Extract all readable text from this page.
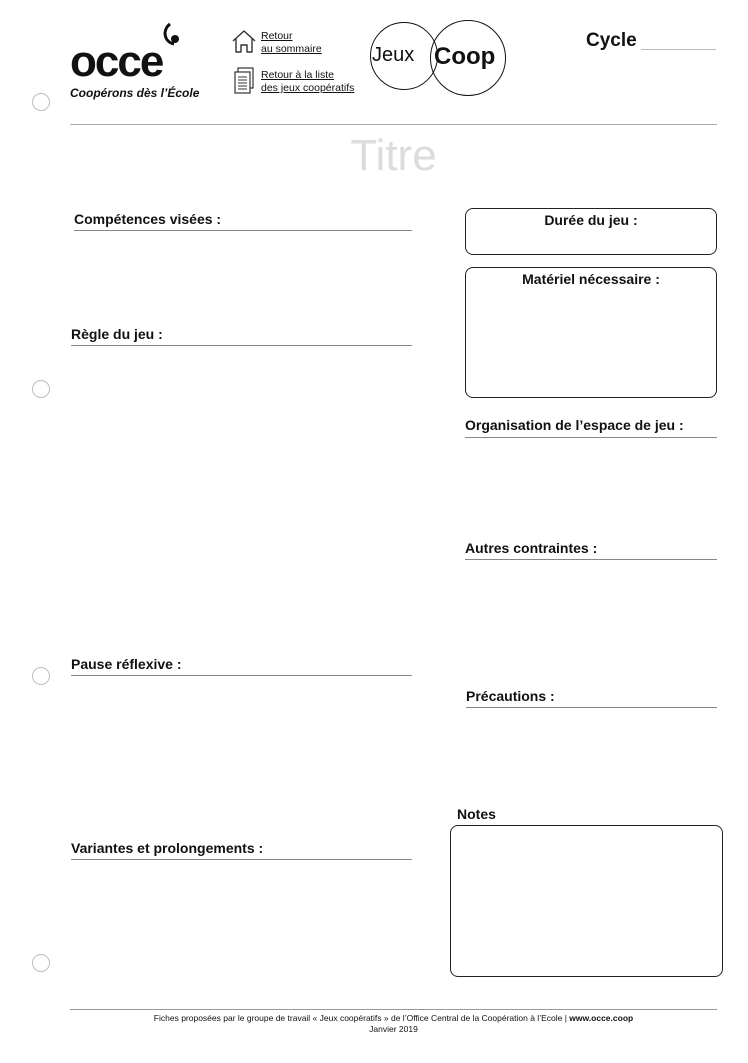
occe
Coopérons dès l’École
Retour
au sommaire
Retour à la liste
des jeux coopératifs
Jeux Coop
Cycle
Titre
Compétences visées :
Règle du jeu :
Pause réflexive :
Variantes et prolongements :
Durée du jeu :
Matériel nécessaire :
Organisation de l’espace de jeu :
Autres contraintes :
Précautions :
Notes
Fiches proposées par le groupe de travail « Jeux coopératifs » de l’Office Central de la Coopération à l’Ecole | www.occe.coop
Janvier 2019
